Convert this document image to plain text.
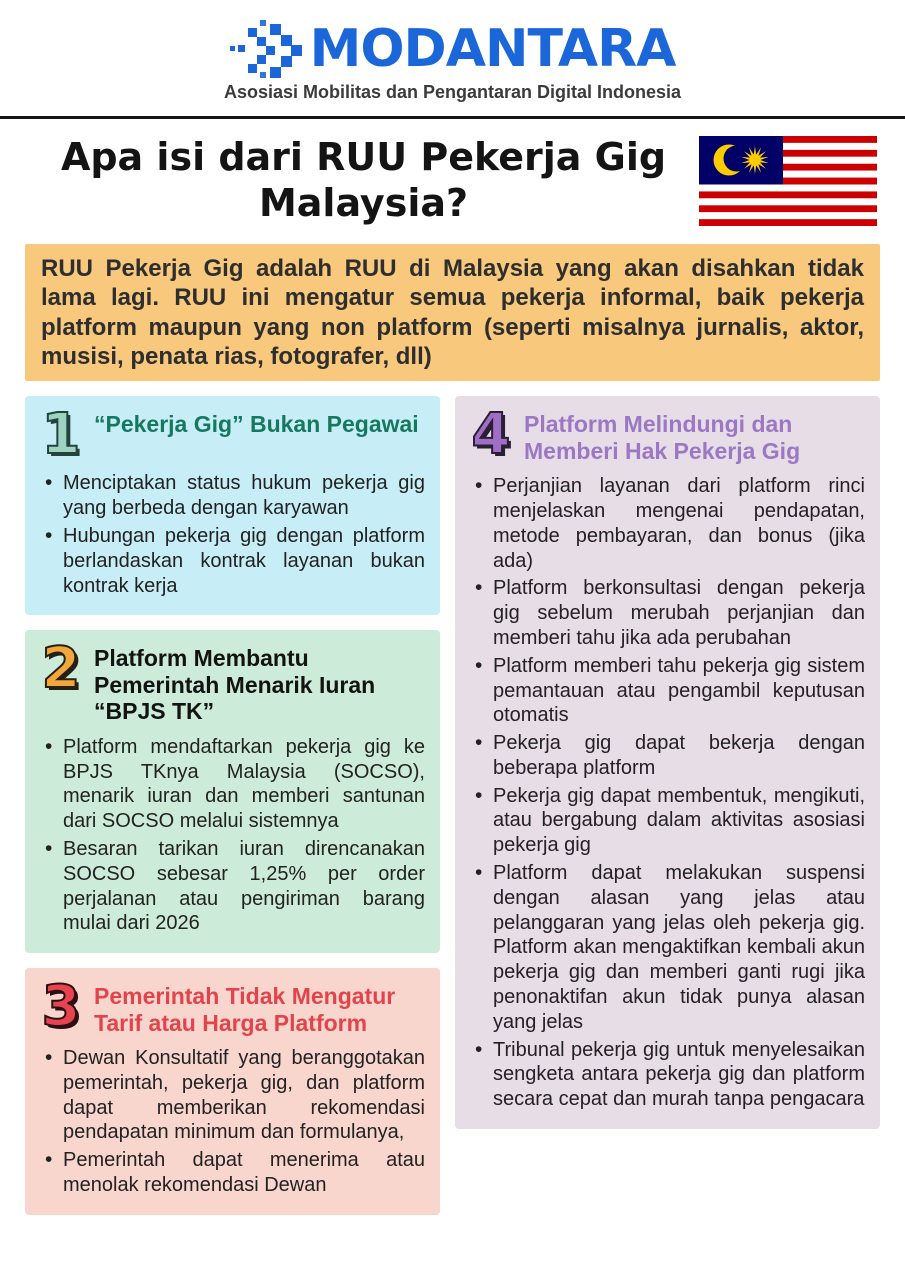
MODANTARA
Asosiasi Mobilitas dan Pengantaran Digital Indonesia
Apa isi dari RUU Pekerja Gig Malaysia?
RUU Pekerja Gig adalah RUU di Malaysia yang akan disahkan tidak lama lagi. RUU ini mengatur semua pekerja informal, baik pekerja platform maupun yang non platform (seperti misalnya jurnalis, aktor, musisi, penata rias, fotografer, dll)
1 “Pekerja Gig” Bukan Pegawai
• Menciptakan status hukum pekerja gig yang berbeda dengan karyawan
• Hubungan pekerja gig dengan platform berlandaskan kontrak layanan bukan kontrak kerja
2 Platform Membantu Pemerintah Menarik Iuran “BPJS TK”
• Platform mendaftarkan pekerja gig ke BPJS TKnya Malaysia (SOCSO), menarik iuran dan memberi santunan dari SOCSO melalui sistemnya
• Besaran tarikan iuran direncanakan SOCSO sebesar 1,25% per order perjalanan atau pengiriman barang mulai dari 2026
3 Pemerintah Tidak Mengatur Tarif atau Harga Platform
• Dewan Konsultatif yang beranggotakan pemerintah, pekerja gig, dan platform dapat memberikan rekomendasi pendapatan minimum dan formulanya,
• Pemerintah dapat menerima atau menolak rekomendasi Dewan
4 Platform Melindungi dan Memberi Hak Pekerja Gig
• Perjanjian layanan dari platform rinci menjelaskan mengenai pendapatan, metode pembayaran, dan bonus (jika ada)
• Platform berkonsultasi dengan pekerja gig sebelum merubah perjanjian dan memberi tahu jika ada perubahan
• Platform memberi tahu pekerja gig sistem pemantauan atau pengambil keputusan otomatis
• Pekerja gig dapat bekerja dengan beberapa platform
• Pekerja gig dapat membentuk, mengikuti, atau bergabung dalam aktivitas asosiasi pekerja gig
• Platform dapat melakukan suspensi dengan alasan yang jelas atau pelanggaran yang jelas oleh pekerja gig. Platform akan mengaktifkan kembali akun pekerja gig dan memberi ganti rugi jika penonaktifan akun tidak punya alasan yang jelas
• Tribunal pekerja gig untuk menyelesaikan sengketa antara pekerja gig dan platform secara cepat dan murah tanpa pengacara
